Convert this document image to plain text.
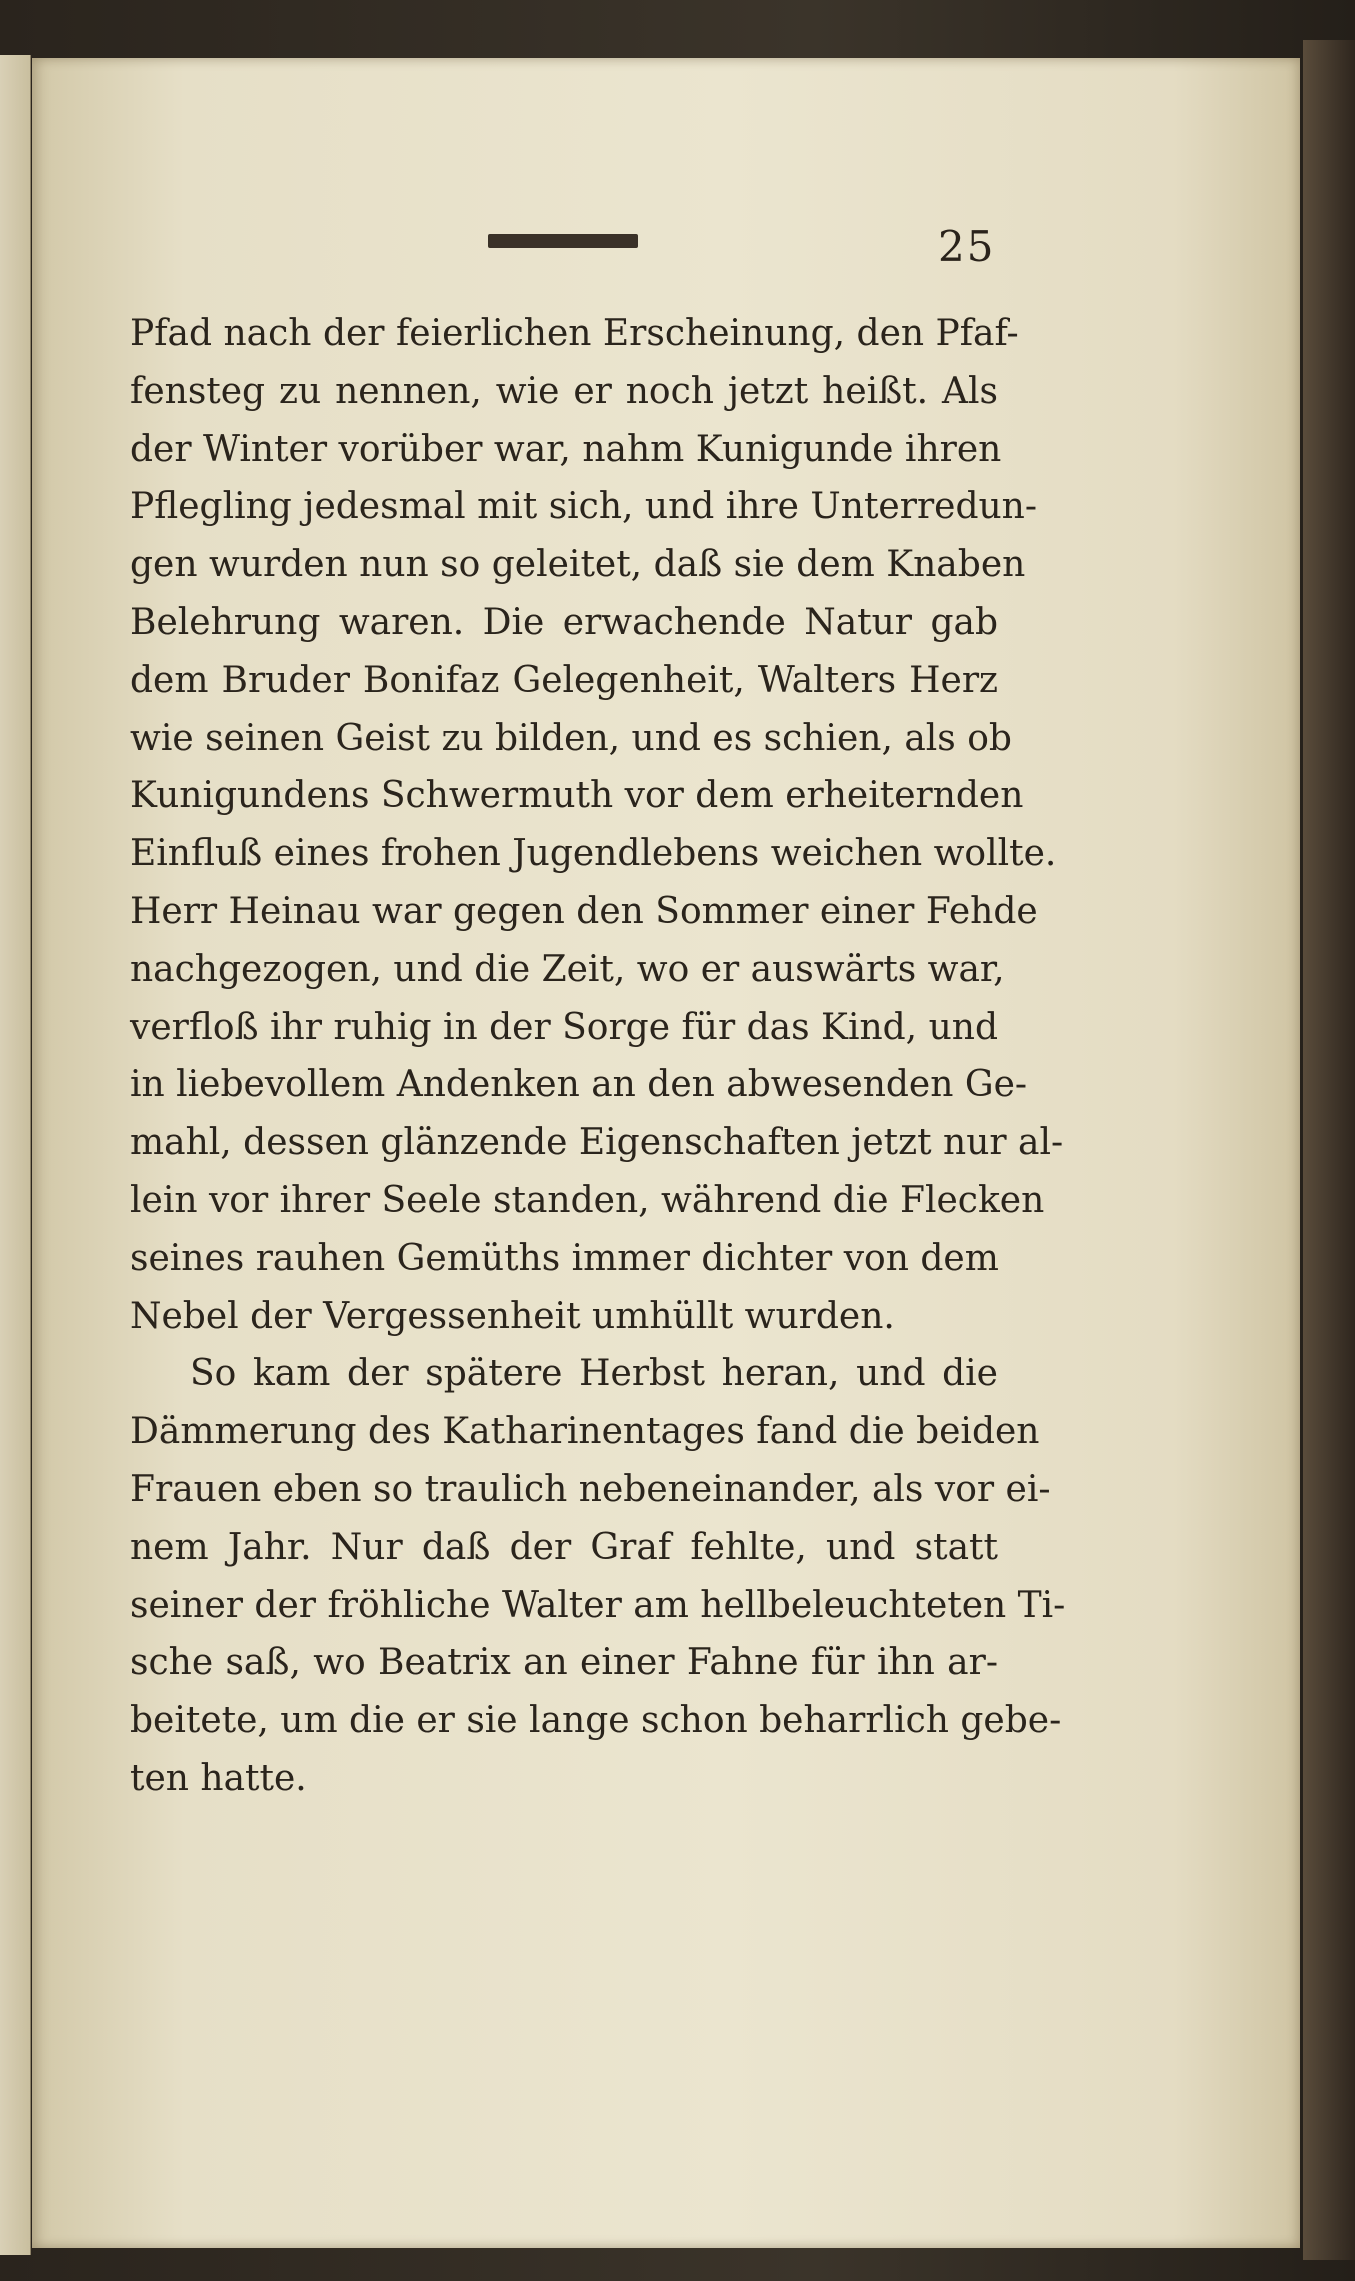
25
Pfad nach der feierlichen Erscheinung, den Pfaf-
fensteg zu nennen, wie er noch jetzt heißt. Als
der Winter vorüber war, nahm Kunigunde ihren
Pflegling jedesmal mit sich, und ihre Unterredun-
gen wurden nun so geleitet, daß sie dem Knaben
Belehrung waren. Die erwachende Natur gab
dem Bruder Bonifaz Gelegenheit, Walters Herz
wie seinen Geist zu bilden, und es schien, als ob
Kunigundens Schwermuth vor dem erheiternden
Einfluß eines frohen Jugendlebens weichen wollte.
Herr Heinau war gegen den Sommer einer Fehde
nachgezogen, und die Zeit, wo er auswärts war,
verfloß ihr ruhig in der Sorge für das Kind, und
in liebevollem Andenken an den abwesenden Ge-
mahl, dessen glänzende Eigenschaften jetzt nur al-
lein vor ihrer Seele standen, während die Flecken
seines rauhen Gemüths immer dichter von dem
Nebel der Vergessenheit umhüllt wurden.
So kam der spätere Herbst heran, und die
Dämmerung des Katharinentages fand die beiden
Frauen eben so traulich nebeneinander, als vor ei-
nem Jahr. Nur daß der Graf fehlte, und statt
seiner der fröhliche Walter am hellbeleuchteten Ti-
sche saß, wo Beatrix an einer Fahne für ihn ar-
beitete, um die er sie lange schon beharrlich gebe-
ten hatte.
